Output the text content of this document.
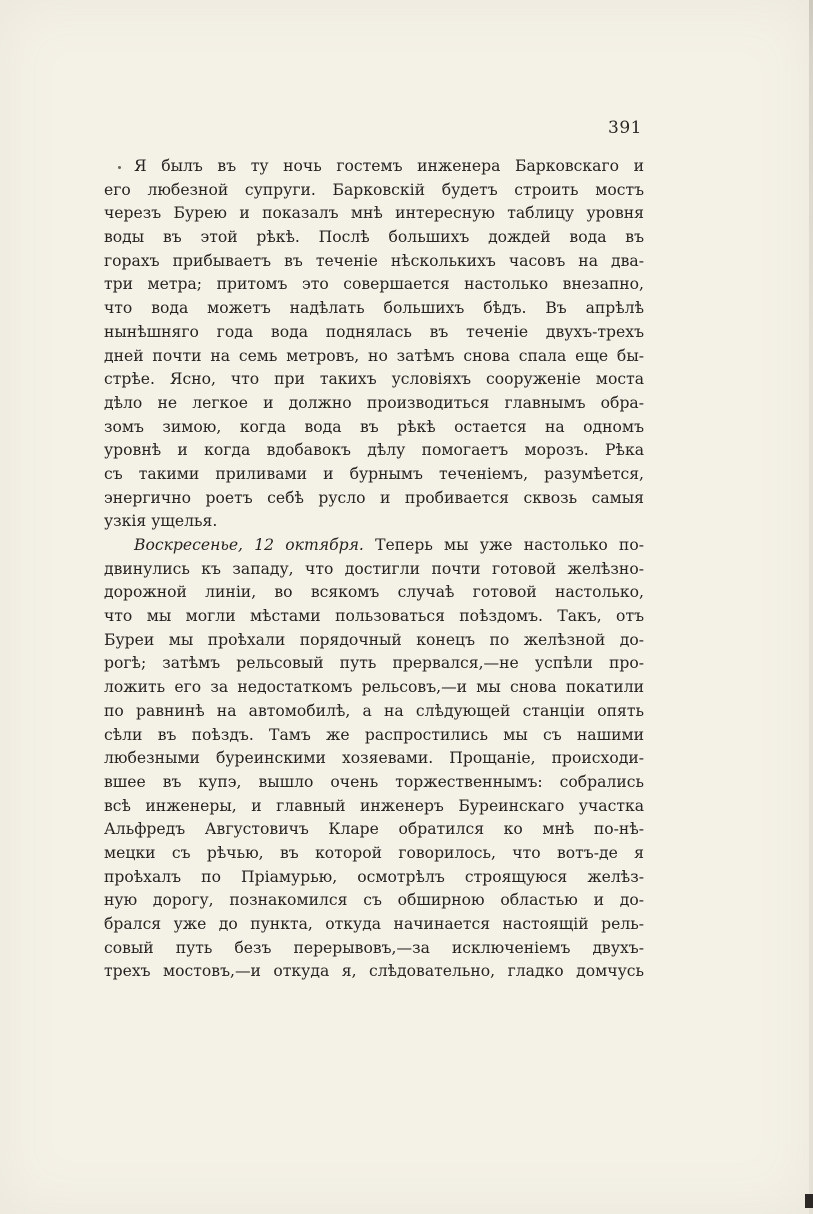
391
Я былъ въ ту ночь гостемъ инженера Барковскаго и
его любезной супруги. Барковскій будетъ строить мостъ
черезъ Бурею и показалъ мнѣ интересную таблицу уровня
воды въ этой рѣкѣ. Послѣ большихъ дождей вода въ
горахъ прибываетъ въ теченіе нѣсколькихъ часовъ на два-
три метра; притомъ это совершается настолько внезапно,
что вода можетъ надѣлать большихъ бѣдъ. Въ апрѣлѣ
нынѣшняго года вода поднялась въ теченіе двухъ-трехъ
дней почти на семь метровъ, но затѣмъ снова спала еще бы-
стрѣе. Ясно, что при такихъ условіяхъ сооруженіе моста
дѣло не легкое и должно производиться главнымъ обра-
зомъ зимою, когда вода въ рѣкѣ остается на одномъ
уровнѣ и когда вдобавокъ дѣлу помогаетъ морозъ. Рѣка
съ такими приливами и бурнымъ теченіемъ, разумѣется,
энергично роетъ себѣ русло и пробивается сквозь самыя
узкія ущелья.
Воскресенье, 12 октября. Теперь мы уже настолько по-
двинулись къ западу, что достигли почти готовой желѣзно-
дорожной линіи, во всякомъ случаѣ готовой настолько,
что мы могли мѣстами пользоваться поѣздомъ. Такъ, отъ
Буреи мы проѣхали порядочный конецъ по желѣзной до-
рогѣ; затѣмъ рельсовый путь прервался,—не успѣли про-
ложить его за недостаткомъ рельсовъ,—и мы снова покатили
по равнинѣ на автомобилѣ, а на слѣдующей станціи опять
сѣли въ поѣздъ. Тамъ же распростились мы съ нашими
любезными буреинскими хозяевами. Прощаніе, происходи-
вшее въ купэ, вышло очень торжественнымъ: собрались
всѣ инженеры, и главный инженеръ Буреинскаго участка
Альфредъ Августовичъ Кларе обратился ко мнѣ по-нѣ-
мецки съ рѣчью, въ которой говорилось, что вотъ-де я
проѣхалъ по Пріамурью, осмотрѣлъ строящуюся желѣз-
ную дорогу, познакомился съ обширною областью и до-
брался уже до пункта, откуда начинается настоящій рель-
совый путь безъ перерывовъ,—за исключеніемъ двухъ-
трехъ мостовъ,—и откуда я, слѣдовательно, гладко домчусь
